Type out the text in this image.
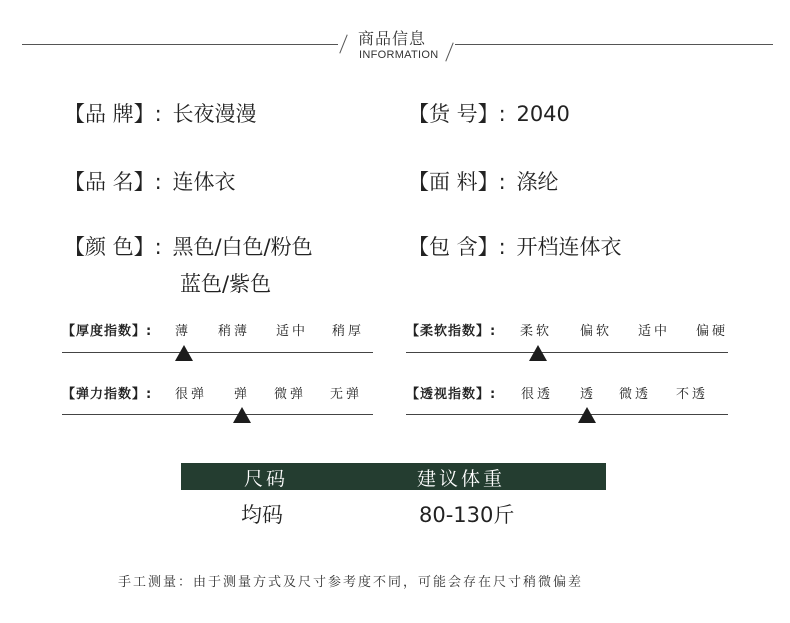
商品信息
INFORMATION
【品 牌】: 长夜漫漫	【货 号】: 2040
【品 名】: 连体衣	【面 料】: 涤纶
【颜 色】: 黑色/白色/粉色
蓝色/紫色
【包 含】: 开档连体衣
【厚度指数】: 薄 稍薄 适中 稍厚	【柔软指数】: 柔软 偏软 适中 偏硬
【弹力指数】: 很弹 弹 微弹 无弹	【透视指数】: 很透 透 微透 不透
尺码	建议体重
均码	80-130斤
手工测量：由于测量方式及尺寸参考度不同，可能会存在尺寸稍微偏差
